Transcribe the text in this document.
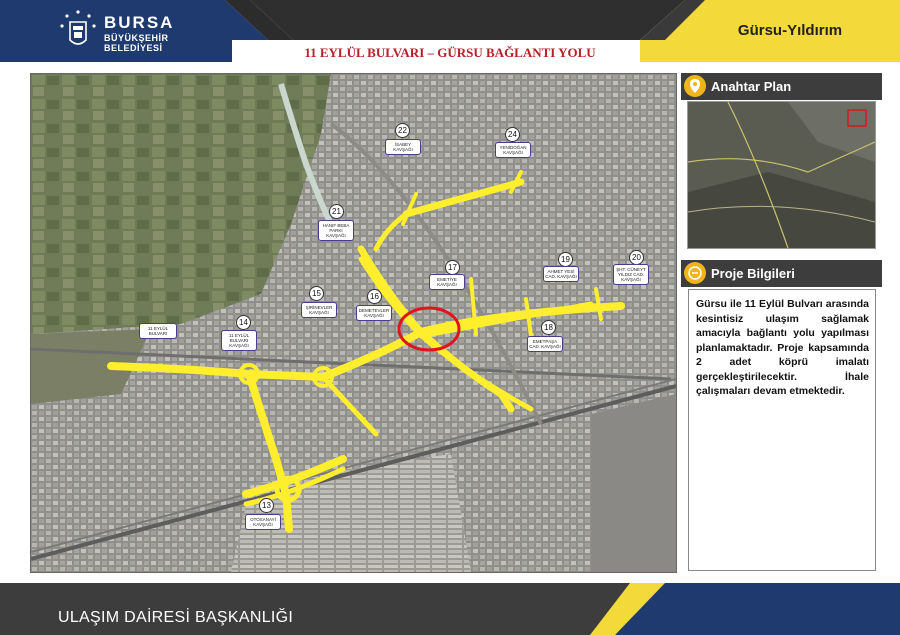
BURSA
BÜYÜKŞEHİR
BELEDİYESİ
Gürsu-Yıldırım
11 EYLÜL BULVARI – GÜRSU BAĞLANTI YOLU
22
İSABEY KAVŞAĞI
24
YENİDOĞAN KAVŞAĞI
21
HANIF BEBA PARKI KAVŞAĞI
17
EMETİYE KAVŞAĞI
19
AHMET YESİ CAD. KAVŞAĞI
20
ŞHT. CÜNEYT YILDIZ CAD. KAVŞAĞI
15
ŞİRİNEVLER KAVŞAĞI
16
DEMETEVLER KAVŞAĞI
14
11 EYLÜL BULVARI KAVŞAĞI
11 EYLÜL BULVARI
18
EMETPAŞA CAD. KAVŞAĞI
13
OTOSANAYİ KAVŞAĞI
Anahtar Plan
Proje Bilgileri
Gürsu ile 11 Eylül Bulvarı arasında kesintisiz ulaşım sağlamak amacıyla bağlantı yolu yapılması planlamaktadır. Proje kapsamında 2 adet köprü imalatı gerçekleştirilecektir. İhale çalışmaları devam etmektedir.
ULAŞIM DAİRESİ BAŞKANLIĞI
